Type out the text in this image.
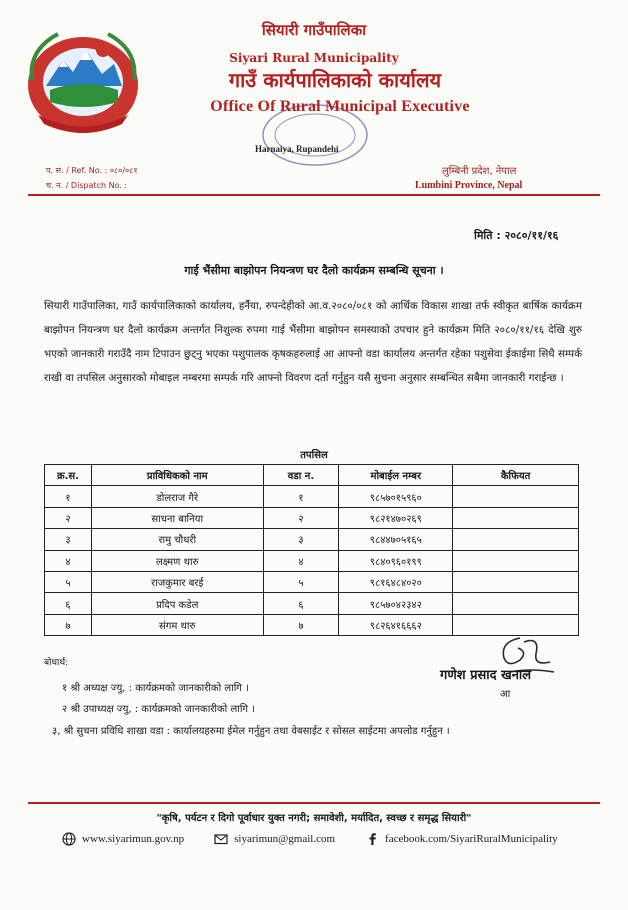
सियारी गाउँपालिका
Siyari Rural Municipality
गाउँ कार्यपालिकाको कार्यालय
Office Of Rural Municipal Executive
Harnaiya, Rupandehi
प. सं. / Ref. No. : ०८०/०८१
च. न. / Dispatch No. :
लुम्बिनी प्रदेश, नेपाल
Lumbini Province, Nepal
मिति : २०८०/११/१६
गाई भैंसीमा बाझोपन नियन्त्रण घर दैलो कार्यक्रम सम्बन्धि सूचना ।
सियारी गाउँपालिका, गाउँ कार्यपालिकाको कार्यालय, हर्नैया, रुपन्देहीको आ.व.२०८०/०८१ को आर्थिक विकास शाखा तर्फ स्वीकृत बार्षिक कार्यक्रम बाझोपन नियन्त्रण घर दैलो कार्यक्रम अन्तर्गत निशुल्क रुपमा गाई भैंसीमा बाझोपन समस्याको उपचार हुने कार्यक्रम मिति २०८०/११/१६ देखि शुरु भएको जानकारी गराउँदै नाम टिपाउन छुट्नु भएका पशुपालक कृषकहरुलाई आ आफ्नो वडा कार्यालय अन्तर्गत रहेका पशुसेवा ईकाईमा सिधै सम्पर्क राखी वा तपसिल अनुसारको मोबाइल नम्बरमा सम्पर्क गरि आफ्नो विवरण दर्ता गर्नुहुन यसै सुचना अनुसार सम्बन्धित सबैमा जानकारी गराईन्छ ।
तपसिल
क्र.स.	प्राविधिकको नाम	वडा न.	मोबाईल नम्बर	कैफियत
१	डोलराज गैरे	१	९८५७०१५९६०	
२	साधना बानिया	२	९८२१४७०२६९	
३	रामु चौधरी	३	९८४४७०५१६५	
४	लक्ष्मण थारु	४	९८४०९६०१९९	
५	राजकुमार बरई	५	९८१६४८४०२०	
६	प्रदिप कडेल	६	९८५७०४२३४२	
७	संगम थारु	७	९८२६४१६६६२	
गणेश प्रसाद खनाल
आ
बोधार्थ:
१ श्री अध्यक्ष ज्यु, : कार्यक्रमको जानकारीको लागि ।
२ श्री उपाध्यक्ष ज्यु, : कार्यक्रमको जानकारीको लागि ।
३, श्री सुचना प्रविधि शाखा वडा : कार्यालयहरुमा ईमेल गर्नुहुन तथा वेबसाईट र सोसल साईटमा अपलोड गर्नुहुन ।
"कृषि, पर्यटन र दिगो पूर्वाधार युक्त नगरी; समावेशी, मर्यादित, स्वच्छ र समृद्ध सियारी"
www.siyarimun.gov.np	siyarimun@gmail.com	facebook.com/SiyariRuralMunicipality
